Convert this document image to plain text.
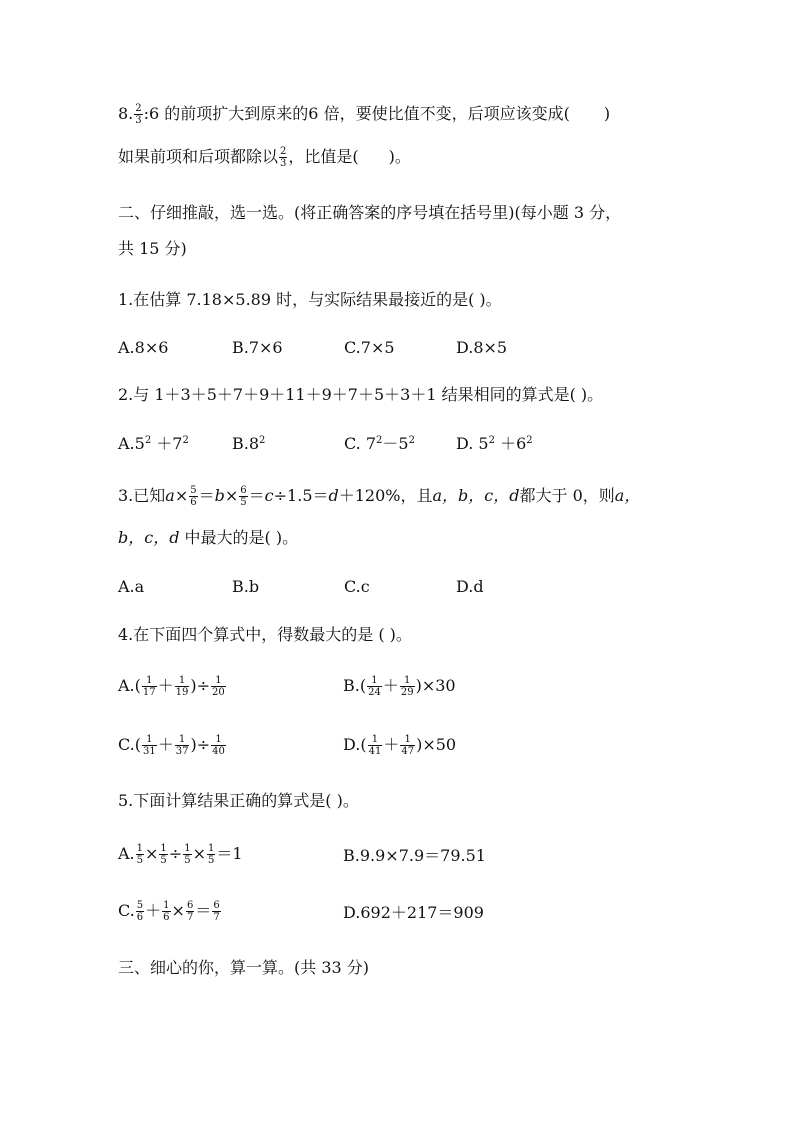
8. $\frac{2}{3}$ :6 的前项扩大到原来的6 倍，要使比值不变，后项应该变成( )
如果前项和后项都除以 $\frac{2}{3}$ ，比值是( )。
二、仔细推敲，选一选。(将正确答案的序号填在括号里)(每小题 3 分，
共 15 分)
1.在估算 7.18×5.89 时，与实际结果最接近的是( )。
A.8×6	B.7×6	C.7×5	D.8×5
2.与 1＋3＋5＋7＋9＋11＋9＋7＋5＋3＋1 结果相同的算式是( )。
$A.5^2 +7^2$	$B.8^2$	C. $7^2-5^2$	D. $5^2 +6^2$
3.已知$a\times \frac{5}{6} =b\times \frac{6}{5} =c\div 1.5=d+120\%$，且a，b，c，d都大于 0，则a，
b，c，d 中最大的是( )。
A.a	B.b	C.c	D.d
4.在下面四个算式中，得数最大的是 ( )。
$A.( \frac{1}{17} + \frac{1}{19}$ )÷ $\frac{1}{20}$	$B.( \frac{1}{24} + \frac{1}{29} )\times 30$
$C.( \frac{1}{31} + \frac{1}{37}$ )÷ $\frac{1}{40}$	$D.( \frac{1}{41} + \frac{1}{47} )\times 50$
5.下面计算结果正确的算式是( )。
A. $\frac{1}{5} \times \frac{1}{5} \div \frac{1}{5} \times \frac{1}{5} =1$	B.9.9×7.9＝79.51
C. $\frac{5}{6} + \frac{1}{6} \times \frac{6}{7} = \frac{6}{7}$	D.692＋217＝909
三、细心的你，算一算。(共 33 分)
